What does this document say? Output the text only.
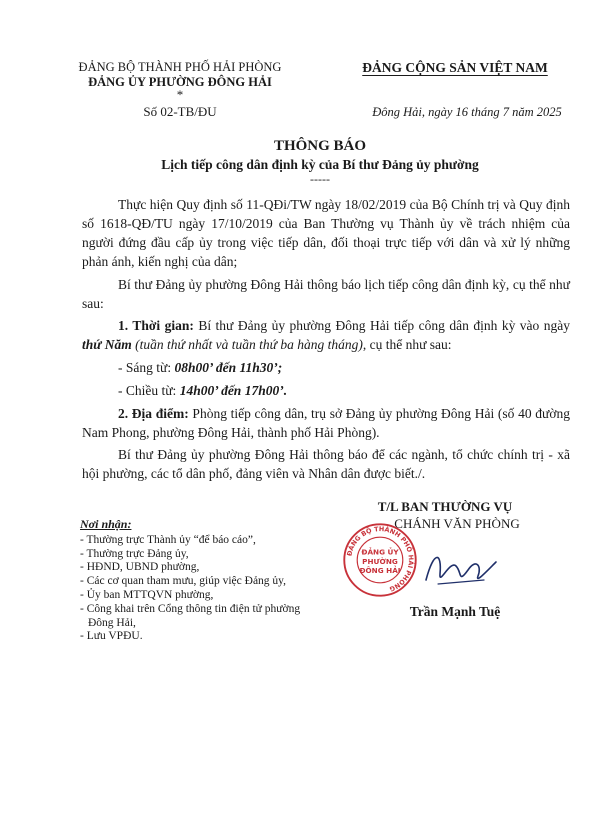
ĐẢNG BỘ THÀNH PHỐ HẢI PHÒNG
ĐẢNG ỦY PHƯỜNG ĐÔNG HẢI
*
Số 02-TB/ĐU
ĐẢNG CỘNG SẢN VIỆT NAM
Đông Hải, ngày 16 tháng 7 năm 2025
THÔNG BÁO
Lịch tiếp công dân định kỳ của Bí thư Đảng ủy phường
-----
Thực hiện Quy định số 11-QĐi/TW ngày 18/02/2019 của Bộ Chính trị và Quy định số 1618-QĐ/TU ngày 17/10/2019 của Ban Thường vụ Thành ủy về trách nhiệm của người đứng đầu cấp ủy trong việc tiếp dân, đối thoại trực tiếp với dân và xử lý những phản ánh, kiến nghị của dân;
Bí thư Đảng ủy phường Đông Hải thông báo lịch tiếp công dân định kỳ, cụ thể như sau:
1. Thời gian: Bí thư Đảng ủy phường Đông Hải tiếp công dân định kỳ vào ngày thứ Năm (tuần thứ nhất và tuần thứ ba hàng tháng), cụ thể như sau:
- Sáng từ: 08h00’ đến 11h30’;
- Chiều từ: 14h00’ đến 17h00’.
2. Địa điểm: Phòng tiếp công dân, trụ sở Đảng ủy phường Đông Hải (số 40 đường Nam Phong, phường Đông Hải, thành phố Hải Phòng).
Bí thư Đảng ủy phường Đông Hải thông báo để các ngành, tổ chức chính trị - xã hội phường, các tổ dân phố, đảng viên và Nhân dân được biết./.
Nơi nhận:
- Thường trực Thành ủy “để báo cáo”,
- Thường trực Đảng ủy,
- HĐND, UBND phường,
- Các cơ quan tham mưu, giúp việc Đảng ủy,
- Ủy ban MTTQVN phường,
- Công khai trên Cổng thông tin điện tử phường
Đông Hải,
- Lưu VPĐU.
T/L BAN THƯỜNG VỤ
CHÁNH VĂN PHÒNG
ĐẢNG BỘ THÀNH PHỐ HẢI PHÒNG
ĐẢNG ỦY
PHƯỜNG
ĐÔNG HẢI
Trần Mạnh Tuệ
